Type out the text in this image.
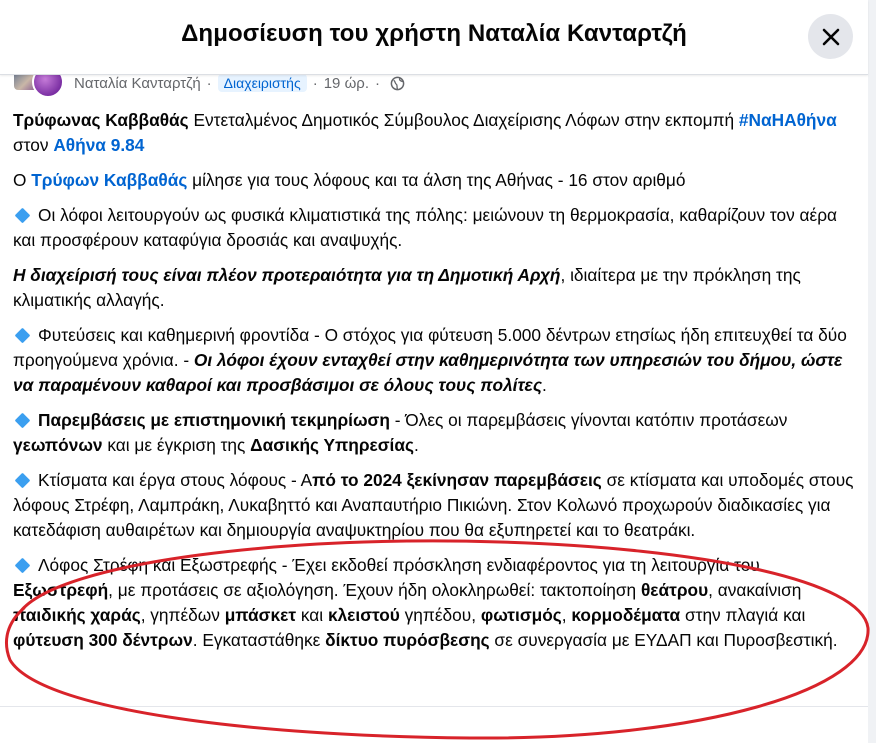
Δημοσίευση του χρήστη Ναταλία Κανταρτζή
Ναταλία Κανταρτζή · Διαχειριστής · 19 ώρ. ·

Τρύφωνας Καββαθάς Εντεταλμένος Δημοτικός Σύμβουλος Διαχείρισης Λόφων στην εκπομπή #ΝαΗΑθήνα στον Αθήνα 9.84

Ο Τρύφων Καββαθάς μίλησε για τους λόφους και τα άλση της Αθήνας - 16 στον αριθμό

Οι λόφοι λειτουργούν ως φυσικά κλιματιστικά της πόλης: μειώνουν τη θερμοκρασία, καθαρίζουν τον αέρα και προσφέρουν καταφύγια δροσιάς και αναψυχής.

Η διαχείρισή τους είναι πλέον προτεραιότητα για τη Δημοτική Αρχή, ιδιαίτερα με την πρόκληση της κλιματικής αλλαγής.

Φυτεύσεις και καθημερινή φροντίδα - Ο στόχος για φύτευση 5.000 δέντρων ετησίως ήδη επιτευχθεί τα δύο προηγούμενα χρόνια. - Οι λόφοι έχουν ενταχθεί στην καθημερινότητα των υπηρεσιών του δήμου, ώστε να παραμένουν καθαροί και προσβάσιμοι σε όλους τους πολίτες.

Παρεμβάσεις με επιστημονική τεκμηρίωση - Όλες οι παρεμβάσεις γίνονται κατόπιν προτάσεων γεωπόνων και με έγκριση της Δασικής Υπηρεσίας.

Κτίσματα και έργα στους λόφους - Από το 2024 ξεκίνησαν παρεμβάσεις σε κτίσματα και υποδομές στους λόφους Στρέφη, Λαμπράκη, Λυκαβηττό και Αναπαυτήριο Πικιώνη. Στον Κολωνό προχωρούν διαδικασίες για κατεδάφιση αυθαιρέτων και δημιουργία αναψυκτηρίου που θα εξυπηρετεί και το θεατράκι.

Λόφος Στρέφη και Εξωστρεφής - Έχει εκδοθεί πρόσκληση ενδιαφέροντος για τη λειτουργία του Εξωστρεφή, με προτάσεις σε αξιολόγηση. Έχουν ήδη ολοκληρωθεί: τακτοποίηση θεάτρου, ανακαίνιση παιδικής χαράς, γηπέδων μπάσκετ και κλειστού γηπέδου, φωτισμός, κορμοδέματα στην πλαγιά και φύτευση 300 δέντρων. Εγκαταστάθηκε δίκτυο πυρόσβεσης σε συνεργασία με ΕΥΔΑΠ και Πυροσβεστική.
